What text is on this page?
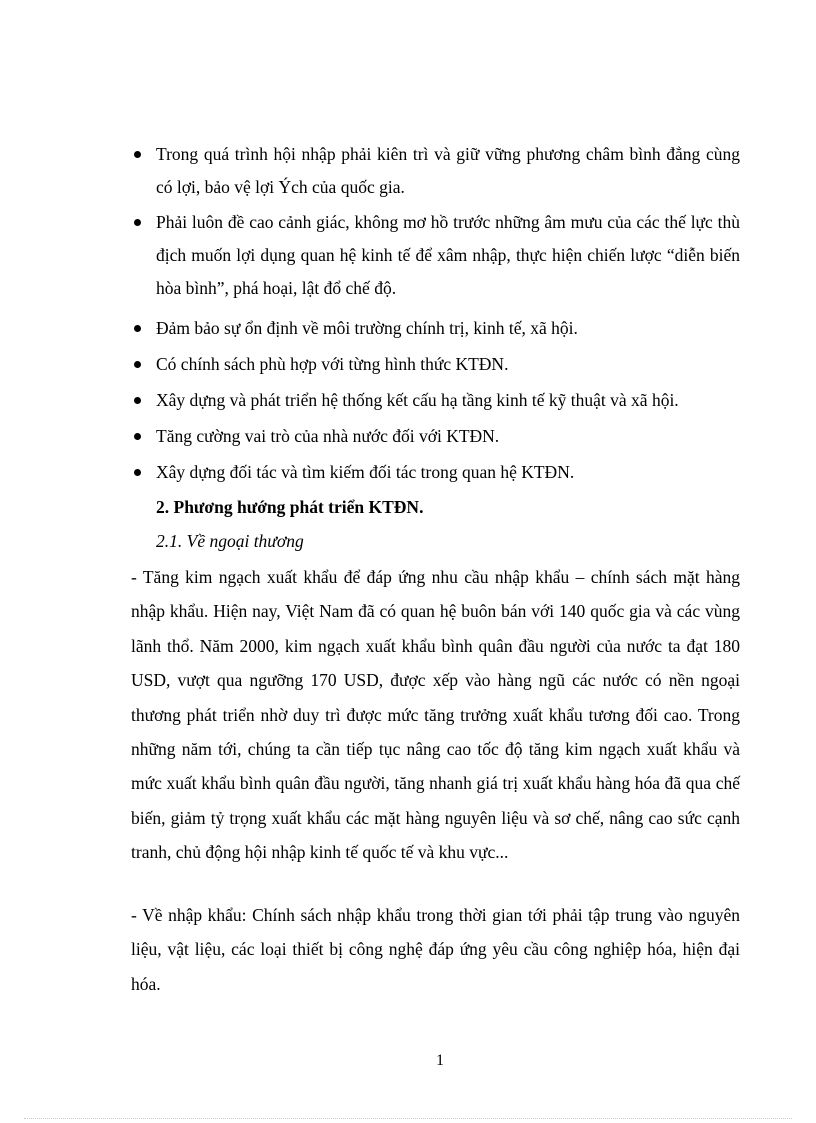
Trong quá trình hội nhập phải kiên trì và giữ vững phương châm bình đẳng cùng có lợi, bảo vệ lợi Ých của quốc gia.
Phải luôn đề cao cảnh giác, không mơ hồ trước những âm mưu của các thế lực thù địch muốn lợi dụng quan hệ kinh tế để xâm nhập, thực hiện chiến lược “diễn biến hòa bình”, phá hoại, lật đổ chế độ.
Đảm bảo sự ổn định về môi trường chính trị, kinh tế, xã hội.
Có chính sách phù hợp với từng hình thức KTĐN.
Xây dựng và phát triển hệ thống kết cấu hạ tầng kinh tế kỹ thuật và xã hội.
Tăng cường vai trò của nhà nước đối với KTĐN.
Xây dựng đối tác và tìm kiếm đối tác trong quan hệ KTĐN.
2. Phương hướng phát triển KTĐN.
2.1. Về ngoại thương

- Tăng kim ngạch xuất khẩu để đáp ứng nhu cầu nhập khẩu – chính sách mặt hàng nhập khẩu. Hiện nay, Việt Nam đã có quan hệ buôn bán với 140 quốc gia và các vùng lãnh thổ. Năm 2000, kim ngạch xuất khẩu bình quân đầu người của nước ta đạt 180 USD, vượt qua ngưỡng 170 USD, được xếp vào hàng ngũ các nước có nền ngoại thương phát triển nhờ duy trì được mức tăng trưởng xuất khẩu tương đối cao. Trong những năm tới, chúng ta cần tiếp tục nâng cao tốc độ tăng kim ngạch xuất khẩu và mức xuất khẩu bình quân đầu người, tăng nhanh giá trị xuất khẩu hàng hóa đã qua chế biến, giảm tỷ trọng xuất khẩu các mặt hàng nguyên liệu và sơ chế, nâng cao sức cạnh tranh, chủ động hội nhập kinh tế quốc tế và khu vực...

- Về nhập khẩu: Chính sách nhập khẩu trong thời gian tới phải tập trung vào nguyên liệu, vật liệu, các loại thiết bị công nghệ đáp ứng yêu cầu công nghiệp hóa, hiện đại hóa.

1
